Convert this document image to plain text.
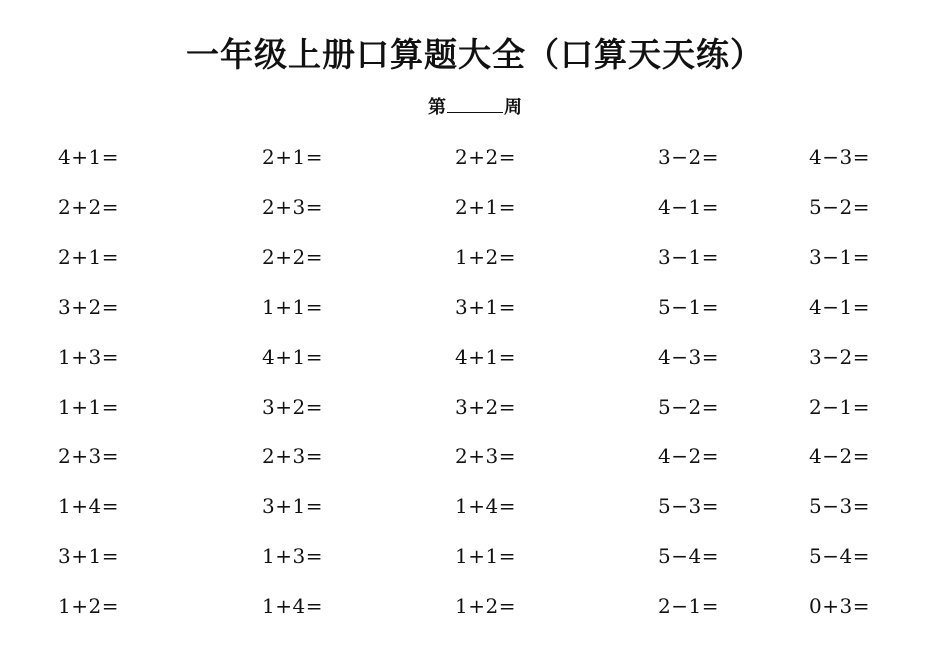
一年级上册口算题大全（口算天天练）
第	周
4+1=
2+2=
2+1=
3+2=
1+3=
1+1=
2+3=
1+4=
3+1=
1+2=
2+1=
2+3=
2+2=
1+1=
4+1=
3+2=
2+3=
3+1=
1+3=
1+4=
2+2=
2+1=
1+2=
3+1=
4+1=
3+2=
2+3=
1+4=
1+1=
1+2=
3−2=
4−1=
3−1=
5−1=
4−3=
5−2=
4−2=
5−3=
5−4=
2−1=
4−3=
5−2=
3−1=
4−1=
3−2=
2−1=
4−2=
5−3=
5−4=
0+3=
